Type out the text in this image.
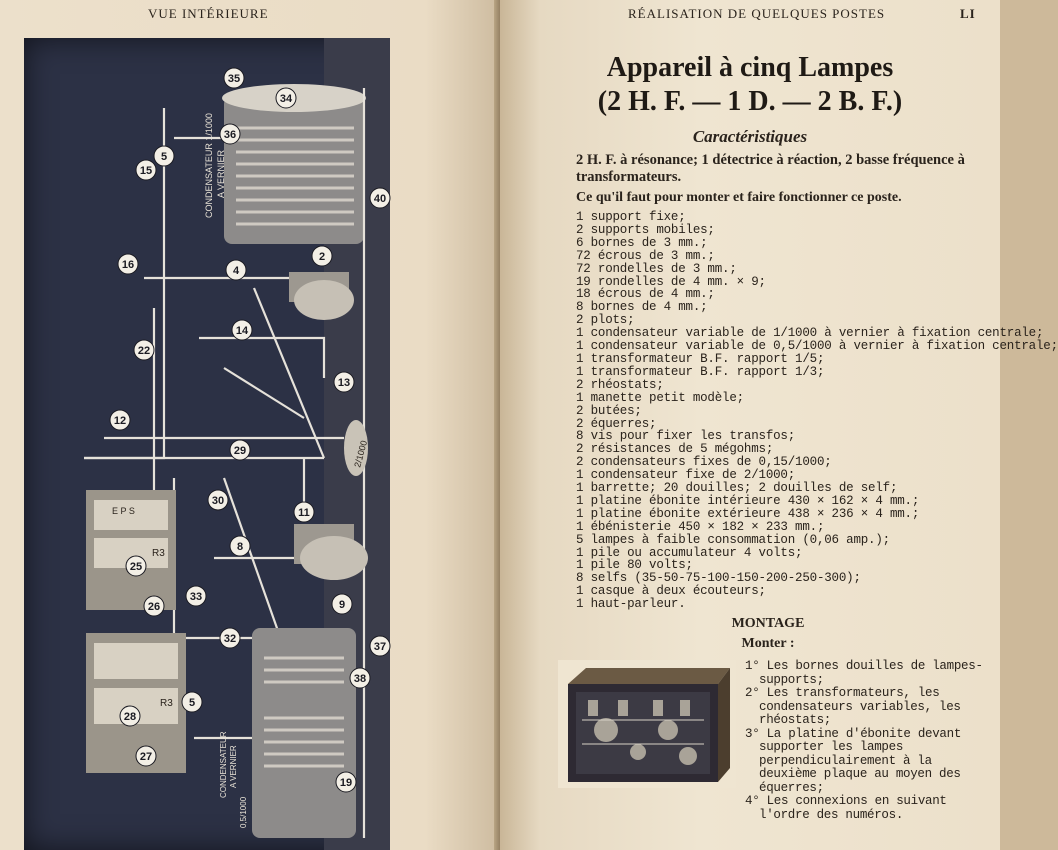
VUE INTÉRIEURE
CONDENSATEUR 1/1000 A VERNIER
E P S
R3
R3
CONDENSATEUR A VERNIER
0,5/1000
2/1000
35
34
36
5
15
40
16
2
4
14
22
13
12
29
30
11
8
25
33
26	9
32
5
37
38
28
27
19
RÉALISATION DE QUELQUES POSTES	LI
Appareil à cinq Lampes
(2 H. F. — 1 D. — 2 B. F.)
Caractéristiques
2 H. F. à résonance; 1 détectrice à réaction, 2 basse fréquence à transformateurs.
Ce qu'il faut pour monter et faire fonctionner ce poste.
1 support fixe;
2 supports mobiles;
6 bornes de 3 mm.;
72 écrous de 3 mm.;
72 rondelles de 3 mm.;
19 rondelles de 4 mm. × 9;
18 écrous de 4 mm.;
8 bornes de 4 mm.;
2 plots;
1 condensateur variable de 1/1000 à vernier à fixation centrale;
1 condensateur variable de 0,5/1000 à vernier à fixation centrale;
1 transformateur B.F. rapport 1/5;
1 transformateur B.F. rapport 1/3;
2 rhéostats;
1 manette petit modèle;
2 butées;
2 équerres;
8 vis pour fixer les transfos;
2 résistances de 5 mégohms;
2 condensateurs fixes de 0,15/1000;
1 condensateur fixe de 2/1000;
1 barrette; 20 douilles; 2 douilles de self;
1 platine ébonite intérieure 430 × 162 × 4 mm.;
1 platine ébonite extérieure 438 × 236 × 4 mm.;
1 ébénisterie 450 × 182 × 233 mm.;
5 lampes à faible consommation (0,06 amp.);
1 pile ou accumulateur 4 volts;
1 pile 80 volts;
8 selfs (35-50-75-100-150-200-250-300);
1 casque à deux écouteurs;
1 haut-parleur.
MONTAGE
Monter :
1° Les bornes douilles de lampes-supports;
2° Les transformateurs, les condensateurs variables, les rhéostats;
3° La platine d'ébonite devant supporter les lampes perpendiculairement à la deuxième plaque au moyen des équerres;
4° Les connexions en suivant l'ordre des numéros.
